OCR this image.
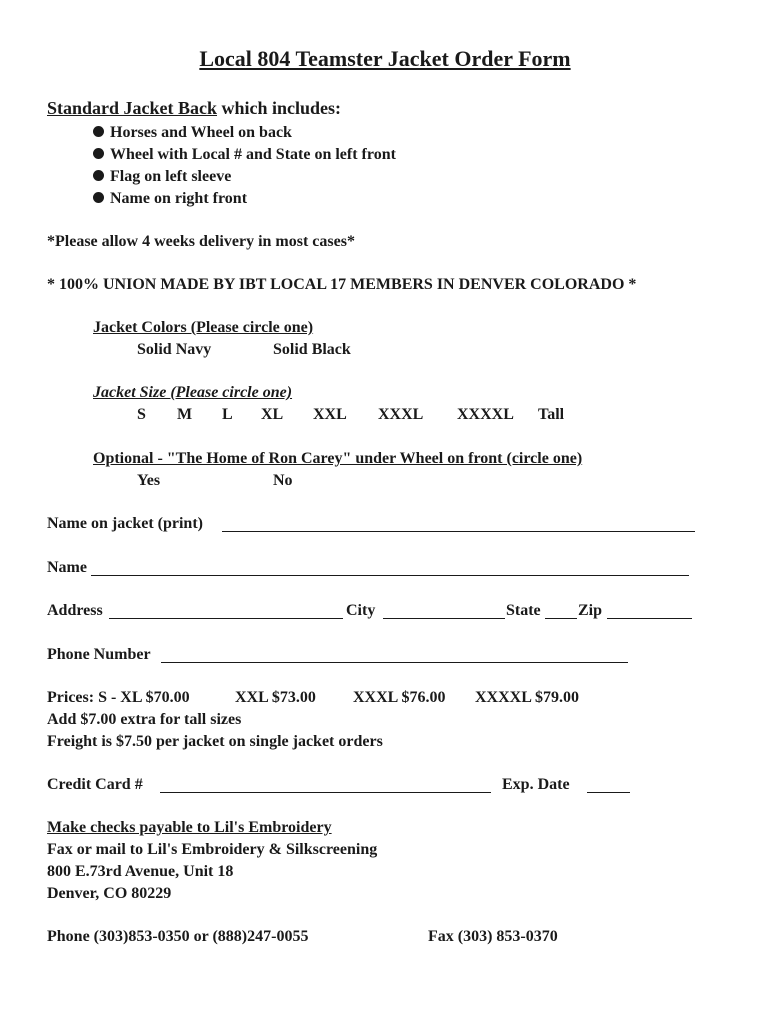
Local 804 Teamster Jacket Order Form
Standard Jacket Back which includes:
Horses and Wheel on back
Wheel with Local # and State on left front
Flag on left sleeve
Name on right front
*Please allow 4 weeks delivery in most cases*
* 100% UNION MADE BY IBT LOCAL 17 MEMBERS IN DENVER COLORADO *
Jacket Colors (Please circle one)
Solid Navy	Solid Black
Jacket Size (Please circle one)
S M L XL XXL XXXL XXXXL Tall
Optional - "The Home of Ron Carey" under Wheel on front (circle one)
Yes	No
Name on jacket (print)
Name
Address	City	State Zip
Phone Number
Prices: S - XL $70.00	XXL $73.00 XXXL $76.00 XXXXL $79.00
Add $7.00 extra for tall sizes
Freight is $7.50 per jacket on single jacket orders
Credit Card #	Exp. Date
Make checks payable to Lil's Embroidery
Fax or mail to Lil's Embroidery & Silkscreening
800 E.73rd Avenue, Unit 18
Denver, CO 80229
Phone (303)853-0350 or (888)247-0055	Fax (303) 853-0370
